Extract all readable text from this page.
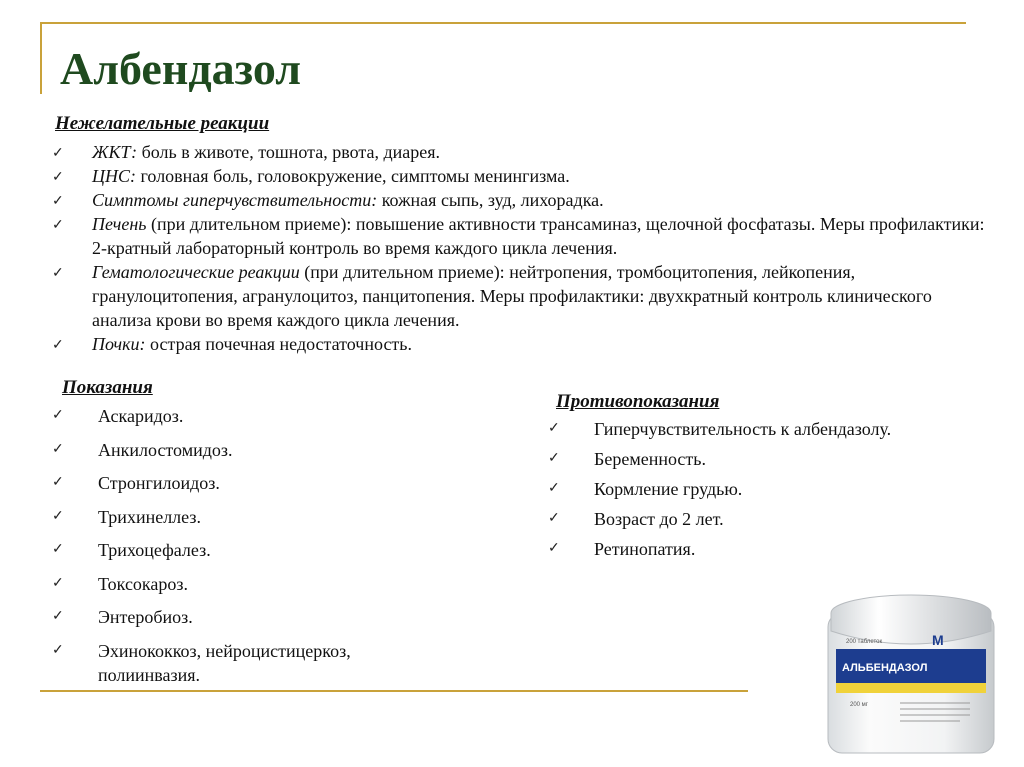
Албендазол
Нежелательные реакции
✓ ЖКТ: боль в животе, тошнота, рвота, диарея.
✓ ЦНС: головная боль, головокружение, симптомы менингизма.
✓ Симптомы гиперчувствительности: кожная сыпь, зуд, лихорадка.
✓ Печень (при длительном приеме): повышение активности трансаминаз, щелочной фосфатазы. Меры профилактики: 2-кратный лабораторный контроль во время каждого цикла лечения.
✓ Гематологические реакции (при длительном приеме): нейтропения, тромбоцитопения, лейкопения, гранулоцитопения, агранулоцитоз, панцитопения. Меры профилактики: двухкратный контроль клинического анализа крови во время каждого цикла лечения.
✓ Почки: острая почечная недостаточность.
Показания
✓ Аскаридоз.
✓ Анкилостомидоз.
✓ Стронгилоидоз.
✓ Трихинеллез.
✓ Трихоцефалез.
✓ Токсокароз.
✓ Энтеробиоз.
✓ Эхинококкоз, нейроцистицеркоз, полиинвазия.
Противопоказания
✓ Гиперчувствительность к албендазолу.
✓ Беременность.
✓ Кормление грудью.
✓ Возраст до 2 лет.
✓ Ретинопатия.
АЛЬБЕНДАЗОЛ
200 таблеток
200 мг
M
